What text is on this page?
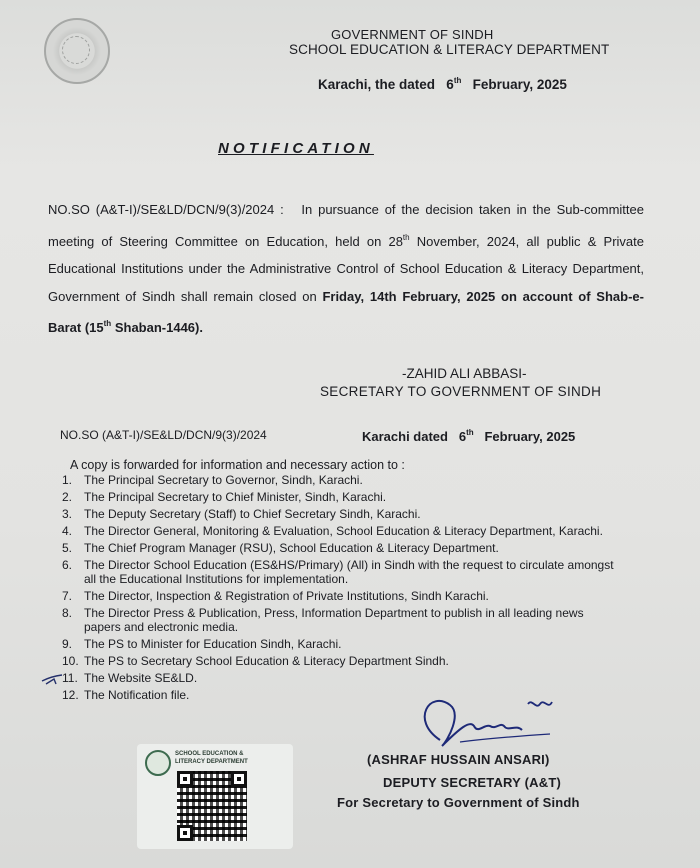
GOVERNMENT OF SINDH
SCHOOL EDUCATION & LITERACY DEPARTMENT
Karachi, the dated 6th February, 2025
NOTIFICATION
NO.SO (A&T-I)/SE&LD/DCN/9(3)/2024 : In pursuance of the decision taken in the Sub-committee meeting of Steering Committee on Education, held on 28th November, 2024, all public & Private Educational Institutions under the Administrative Control of School Education & Literacy Department, Government of Sindh shall remain closed on Friday, 14th February, 2025 on account of Shab-e-Barat (15th Shaban-1446).
-ZAHID ALI ABBASI-
SECRETARY TO GOVERNMENT OF SINDH
NO.SO (A&T-I)/SE&LD/DCN/9(3)/2024	Karachi dated 6th February, 2025
A copy is forwarded for information and necessary action to :
1. The Principal Secretary to Governor, Sindh, Karachi.
2. The Principal Secretary to Chief Minister, Sindh, Karachi.
3. The Deputy Secretary (Staff) to Chief Secretary Sindh, Karachi.
4. The Director General, Monitoring & Evaluation, School Education & Literacy Department, Karachi.
5. The Chief Program Manager (RSU), School Education & Literacy Department.
6. The Director School Education (ES&HS/Primary) (All) in Sindh with the request to circulate amongst all the Educational Institutions for implementation.
7. The Director, Inspection & Registration of Private Institutions, Sindh Karachi.
8. The Director Press & Publication, Press, Information Department to publish in all leading news papers and electronic media.
9. The PS to Minister for Education Sindh, Karachi.
10. The PS to Secretary School Education & Literacy Department Sindh.
11. The Website SE&LD.
12. The Notification file.
SCHOOL EDUCATION &
LITERACY DEPARTMENT	(ASHRAF HUSSAIN ANSARI)
DEPUTY SECRETARY (A&T)
For Secretary to Government of Sindh
